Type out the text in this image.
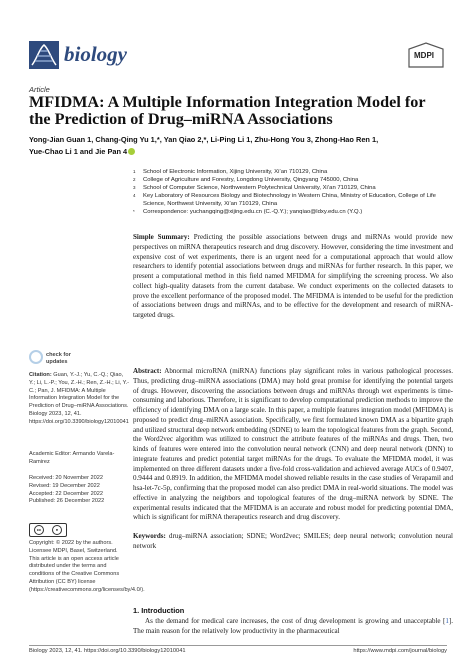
biology	MDPI
Article
MFIDMA: A Multiple Information Integration Model for the Prediction of Drug–miRNA Associations
Yong-Jian Guan 1, Chang-Qing Yu 1,*, Yan Qiao 2,*, Li-Ping Li 1, Zhu-Hong You 3, Zhong-Hao Ren 1,
Yue-Chao Li 1 and Jie Pan 4
1	School of Electronic Information, Xijing University, Xi’an 710129, China
2	College of Agriculture and Forestry, Longdong University, Qingyang 745000, China
3	School of Computer Science, Northwestern Polytechnical University, Xi’an 710129, China
4	Key Laboratory of Resources Biology and Biotechnology in Western China, Ministry of Education, College of Life Science, Northwest University, Xi’an 710129, China
*	Correspondence: yuchangqing@xijing.edu.cn (C.-Q.Y.); yanqiao@ldxy.edu.cn (Y.Q.)
Simple Summary: Predicting the possible associations between drugs and miRNAs would provide new perspectives on miRNA therapeutics research and drug discovery. However, considering the time investment and expensive cost of wet experiments, there is an urgent need for a computational approach that would allow researchers to identify potential associations between drugs and miRNAs for further research. In this paper, we present a computational method in this field named MFIDMA for simplifying the screening process. We also collect high-quality datasets from the current database. We conduct experiments on the collected datasets to prove the excellent performance of the proposed model. The MFIDMA is intended to be useful for the prediction of associations between drugs and miRNAs, and to be effective for the development and research of miRNA-targeted drugs.
Abstract: Abnormal microRNA (miRNA) functions play significant roles in various pathological processes. Thus, predicting drug–miRNA associations (DMA) may hold great promise for identifying the potential targets of drugs. However, discovering the associations between drugs and miRNAs through wet experiments is time-consuming and laborious. Therefore, it is significant to develop computational prediction methods to improve the efficiency of identifying DMA on a large scale. In this paper, a multiple features integration model (MFIDMA) is proposed to predict drug–miRNA association. Specifically, we first formulated known DMA as a bipartite graph and utilized structural deep network embedding (SDNE) to learn the topological features from the graph. Second, the Word2vec algorithm was utilized to construct the attribute features of the miRNAs and drugs. Then, two kinds of features were entered into the convolution neural network (CNN) and deep neural network (DNN) to integrate features and predict potential target miRNAs for the drugs. To evaluate the MFIDMA model, it was implemented on three different datasets under a five-fold cross-validation and achieved average AUCs of 0.9407, 0.9444 and 0.8919. In addition, the MFIDMA model showed reliable results in the case studies of Verapamil and hsa-let-7c-5p, confirming that the proposed model can also predict DMA in real-world situations. The model was effective in analyzing the neighbors and topological features of the drug–miRNA network by SDNE. The experimental results indicated that the MFIDMA is an accurate and robust model for predicting potential DMA, which is significant for miRNA therapeutics research and drug discovery.
Keywords: drug–miRNA association; SDNE; Word2vec; SMILES; deep neural network; convolution neural network
check for
updates
Citation: Guan, Y.-J.; Yu, C.-Q.; Qiao, Y.; Li, L.-P.; You, Z.-H.; Ren, Z.-H.; Li, Y.-C.; Pan, J. MFIDMA: A Multiple Information Integration Model for the Prediction of Drug–miRNA Associations. Biology 2023, 12, 41. https://doi.org/10.3390/biology12010041
Academic Editor: Armando Varela-Ramirez
Received: 20 November 2022
Revised: 19 December 2022
Accepted: 22 December 2022
Published: 26 December 2022
cc	●
Copyright: © 2022 by the authors. Licensee MDPI, Basel, Switzerland. This article is an open access article distributed under the terms and conditions of the Creative Commons Attribution (CC BY) license (https://creativecommons.org/licenses/by/4.0/).
1. Introduction
As the demand for medical care increases, the cost of drug development is growing and unacceptable [1]. The main reason for the relatively low productivity in the pharmaceutical
Biology 2023, 12, 41. https://doi.org/10.3390/biology12010041	https://www.mdpi.com/journal/biology
